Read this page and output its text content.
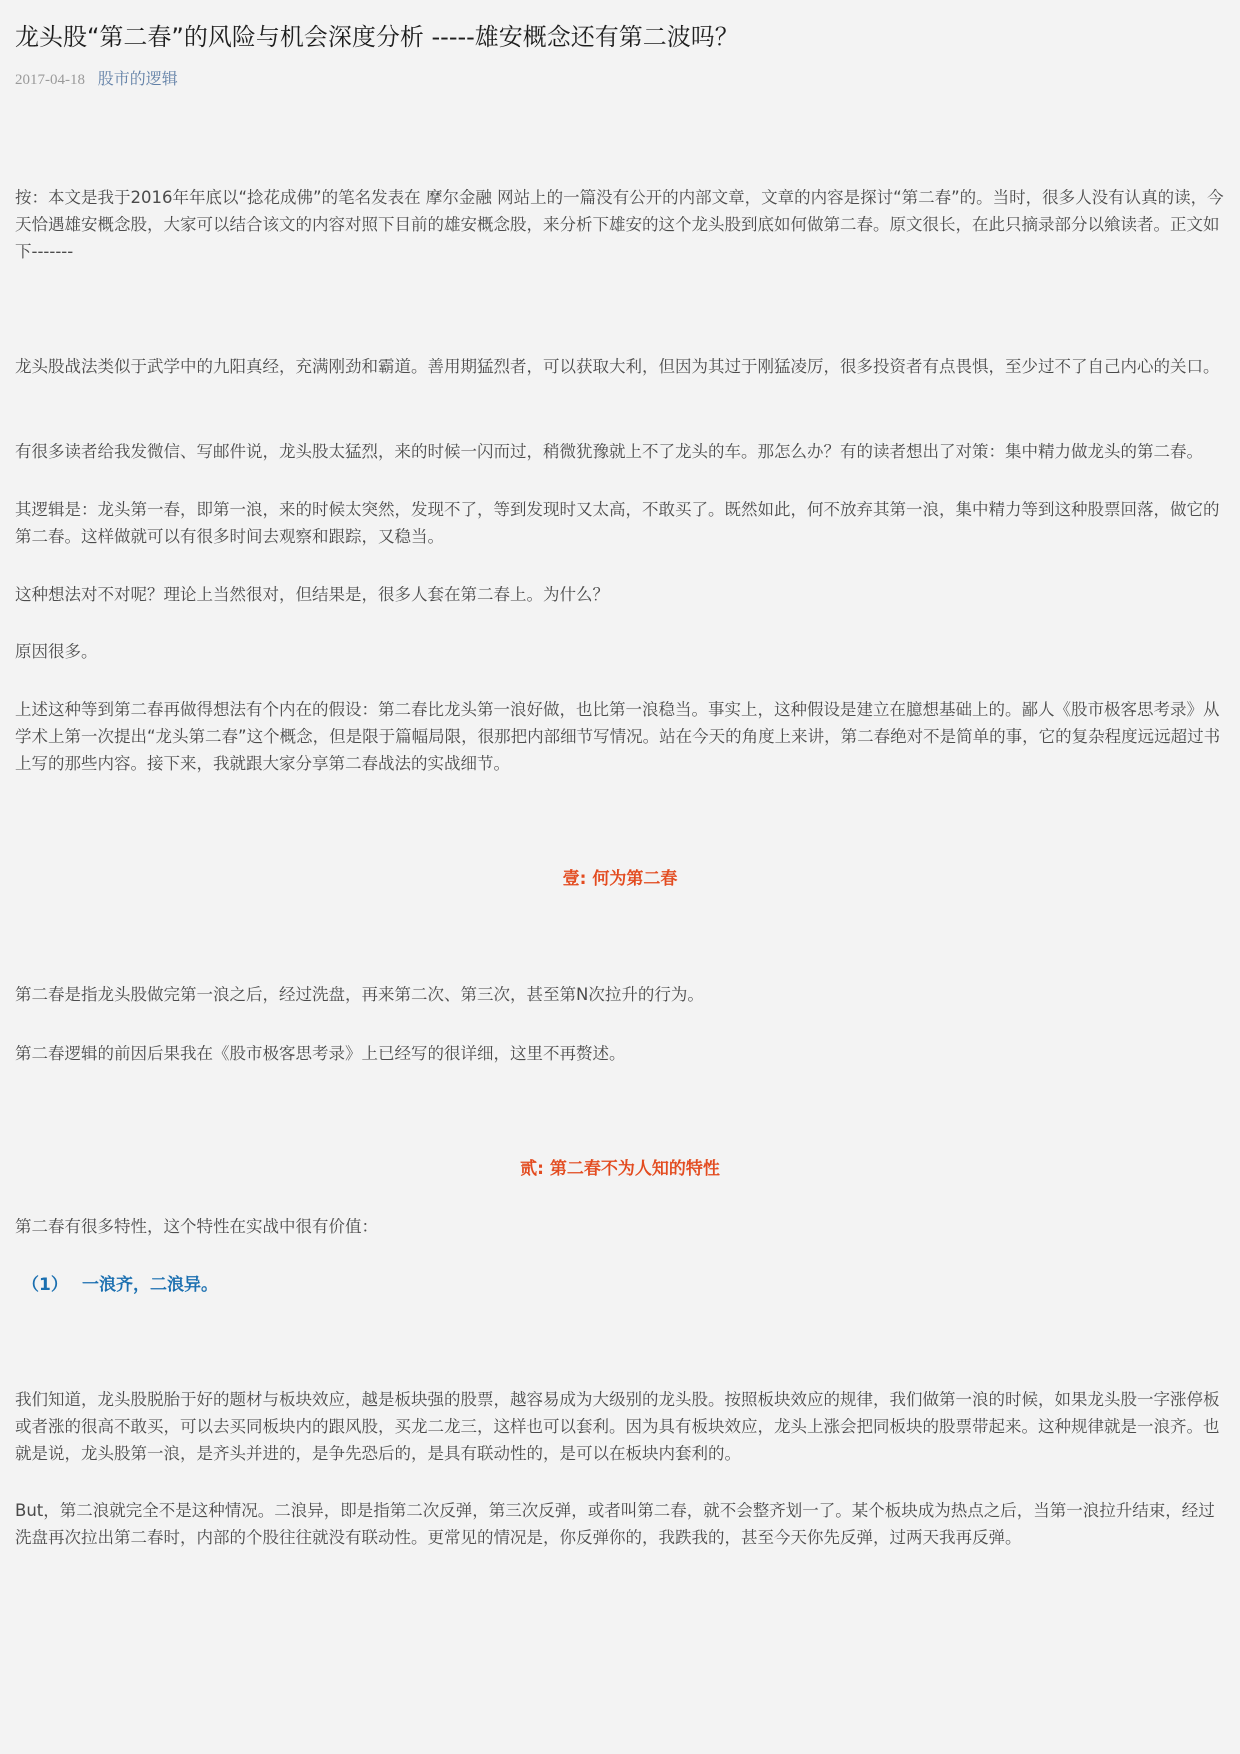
龙头股“第二春”的风险与机会深度分析 -----雄安概念还有第二波吗？
2017-04-18 股市的逻辑

按：本文是我于2016年年底以“捻花成佛”的笔名发表在 摩尔金融 网站上的一篇没有公开的内部文章，文章的内容是探讨“第二春”的。当时，很多人没有认真的读，今天恰遇雄安概念股，大家可以结合该文的内容对照下目前的雄安概念股，来分析下雄安的这个龙头股到底如何做第二春。原文很长，在此只摘录部分以飨读者。正文如下-------

龙头股战法类似于武学中的九阳真经，充满刚劲和霸道。善用期猛烈者，可以获取大利，但因为其过于刚猛凌厉，很多投资者有点畏惧，至少过不了自己内心的关口。

有很多读者给我发微信、写邮件说，龙头股太猛烈，来的时候一闪而过，稍微犹豫就上不了龙头的车。那怎么办？有的读者想出了对策：集中精力做龙头的第二春。

其逻辑是：龙头第一春，即第一浪，来的时候太突然，发现不了，等到发现时又太高，不敢买了。既然如此，何不放弃其第一浪，集中精力等到这种股票回落，做它的第二春。这样做就可以有很多时间去观察和跟踪，又稳当。

这种想法对不对呢？理论上当然很对，但结果是，很多人套在第二春上。为什么？

原因很多。

上述这种等到第二春再做得想法有个内在的假设：第二春比龙头第一浪好做，也比第一浪稳当。事实上，这种假设是建立在臆想基础上的。鄙人《股市极客思考录》从学术上第一次提出“龙头第二春”这个概念，但是限于篇幅局限，很那把内部细节写情况。站在今天的角度上来讲，第二春绝对不是简单的事，它的复杂程度远远超过书上写的那些内容。接下来，我就跟大家分享第二春战法的实战细节。

壹: 何为第二春

第二春是指龙头股做完第一浪之后，经过洗盘，再来第二次、第三次，甚至第N次拉升的行为。

第二春逻辑的前因后果我在《股市极客思考录》上已经写的很详细，这里不再赘述。

贰: 第二春不为人知的特性

第二春有很多特性，这个特性在实战中很有价值：

（1） 一浪齐，二浪异。

我们知道，龙头股脱胎于好的题材与板块效应，越是板块强的股票，越容易成为大级别的龙头股。按照板块效应的规律，我们做第一浪的时候，如果龙头股一字涨停板或者涨的很高不敢买，可以去买同板块内的跟风股，买龙二龙三，这样也可以套利。因为具有板块效应，龙头上涨会把同板块的股票带起来。这种规律就是一浪齐。也就是说，龙头股第一浪，是齐头并进的，是争先恐后的，是具有联动性的，是可以在板块内套利的。

But，第二浪就完全不是这种情况。二浪异，即是指第二次反弹，第三次反弹，或者叫第二春，就不会整齐划一了。某个板块成为热点之后，当第一浪拉升结束，经过洗盘再次拉出第二春时，内部的个股往往就没有联动性。更常见的情况是，你反弹你的，我跌我的，甚至今天你先反弹，过两天我再反弹。
